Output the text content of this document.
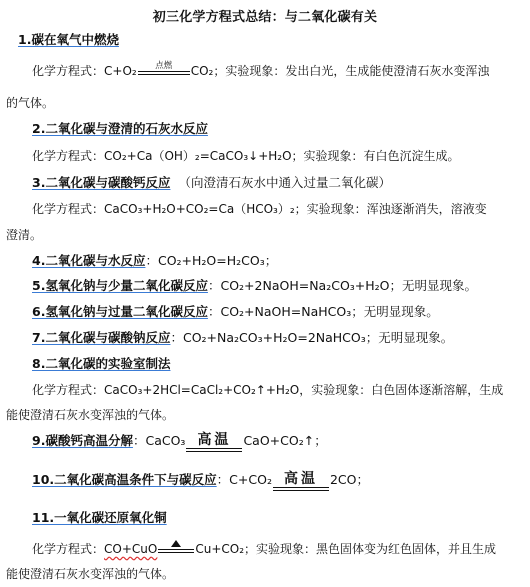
初三化学方程式总结：与二氧化碳有关
1.碳在氧气中燃烧
化学方程式：C+O₂	点燃	CO₂；实验现象：发出白光，生成能使澄清石灰水变浑浊
的气体。
2.二氧化碳与澄清的石灰水反应
化学方程式：CO₂+Ca（OH）₂=CaCO₃↓+H₂O；实验现象：有白色沉淀生成。
3.二氧化碳与碳酸钙反应 （向澄清石灰水中通入过量二氧化碳）
化学方程式：CaCO₃+H₂O+CO₂=Ca（HCO₃）₂；实验现象：浑浊逐渐消失，溶液变
澄清。
4.二氧化碳与水反应：CO₂+H₂O=H₂CO₃；
5.氢氧化钠与少量二氧化碳反应：CO₂+2NaOH=Na₂CO₃+H₂O；无明显现象。
6.氢氧化钠与过量二氧化碳反应：CO₂+NaOH=NaHCO₃；无明显现象。
7.二氧化碳与碳酸钠反应：CO₂+Na₂CO₃+H₂O=2NaHCO₃；无明显现象。
8.二氧化碳的实验室制法
化学方程式：CaCO₃+2HCl=CaCl₂+CO₂↑+H₂O，实验现象：白色固体逐渐溶解，生成
能使澄清石灰水变浑浊的气体。
9.碳酸钙高温分解：CaCO₃ 高温 CaO+CO₂↑；
10.二氧化碳高温条件下与碳反应：C+CO₂ 高温 2CO；
11.一氧化碳还原氧化铜
化学方程式：CO+CuO	Cu+CO₂；实验现象：黑色固体变为红色固体，并且生成
能使澄清石灰水变浑浊的气体。
